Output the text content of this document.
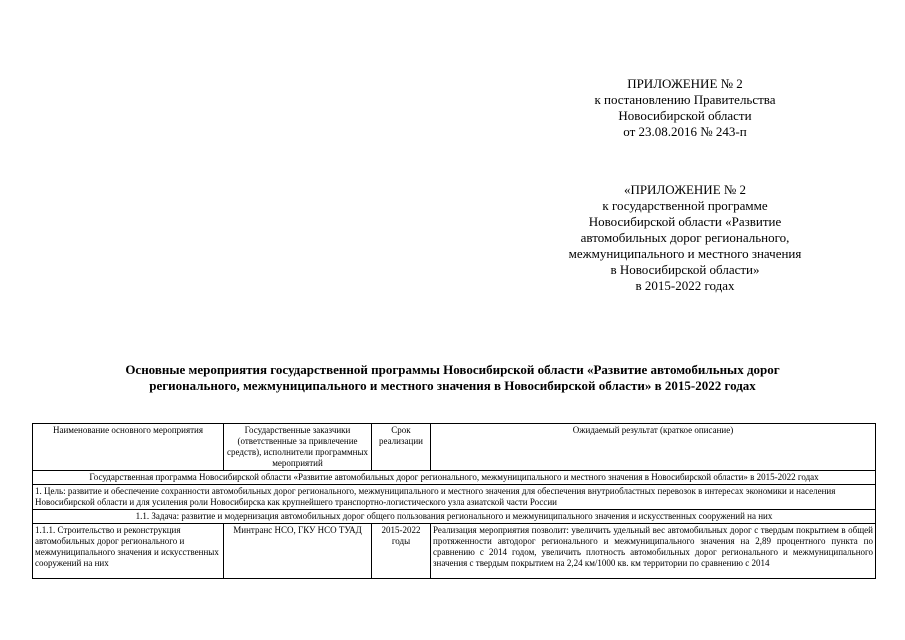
ПРИЛОЖЕНИЕ № 2
к постановлению Правительства
Новосибирской области
от 23.08.2016 № 243-п
«ПРИЛОЖЕНИЕ № 2
к государственной программе
Новосибирской области «Развитие
автомобильных дорог регионального,
межмуниципального и местного значения
в Новосибирской области»
в 2015-2022 годах
Основные мероприятия государственной программы Новосибирской области «Развитие автомобильных дорог
регионального, межмуниципального и местного значения в Новосибирской области» в 2015-2022 годах
Наименование основного мероприятия	Государственные заказчики (ответственные за привлечение средств), исполнители программных мероприятий	Срок реализации	Ожидаемый результат (краткое описание)
Государственная программа Новосибирской области «Развитие автомобильных дорог регионального, межмуниципального и местного значения в Новосибирской области» в 2015-2022 годах			
1. Цель: развитие и обеспечение сохранности автомобильных дорог регионального, межмуниципального и местного значения для обеспечения внутриобластных перевозок в интересах экономики и населения Новосибирской области и для усиления роли Новосибирска как крупнейшего транспортно-логистического узла азиатской части России			
1.1. Задача: развитие и модернизация автомобильных дорог общего пользования регионального и межмуниципального значения и искусственных сооружений на них			

1.1.1. Строительство и реконструкция автомобильных дорог регионального и межмуниципального значения и искусственных сооружений на них	Минтранс НСО, ГКУ НСО ТУАД	2015-2022 годы	Реализация мероприятия позволит: увеличить удельный вес автомобильных дорог с твердым покрытием в общей протяженности автодорог регионального и межмуниципального значения на 2,89 процентного пункта по сравнению с 2014 годом, увеличить плотность автомобильных дорог регионального и межмуниципального значения с твердым покрытием на 2,24 км/1000 кв. км территории по сравнению с 2014
